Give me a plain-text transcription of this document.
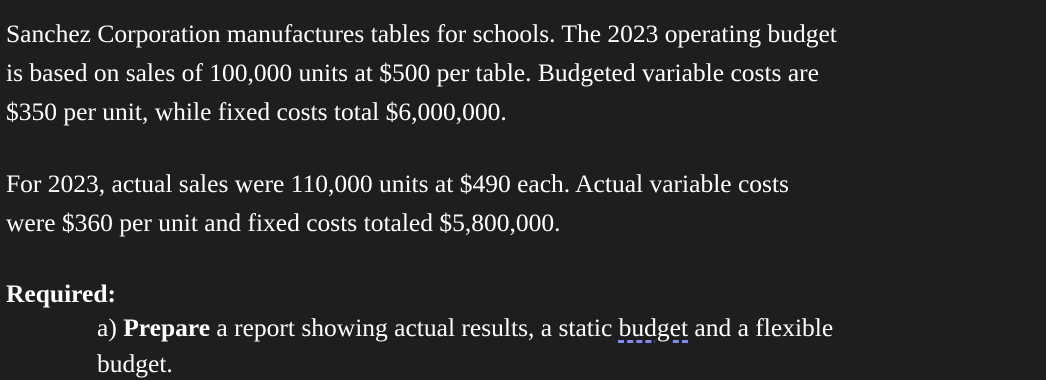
Sanchez Corporation manufactures tables for schools. The 2023 operating budget
is based on sales of 100,000 units at $500 per table. Budgeted variable costs are
$350 per unit, while fixed costs total $6,000,000.

For 2023, actual sales were 110,000 units at $490 each. Actual variable costs
were $360 per unit and fixed costs totaled $5,800,000.

Required:

a) Prepare a report showing actual results, a static budget and a flexible
budget.
